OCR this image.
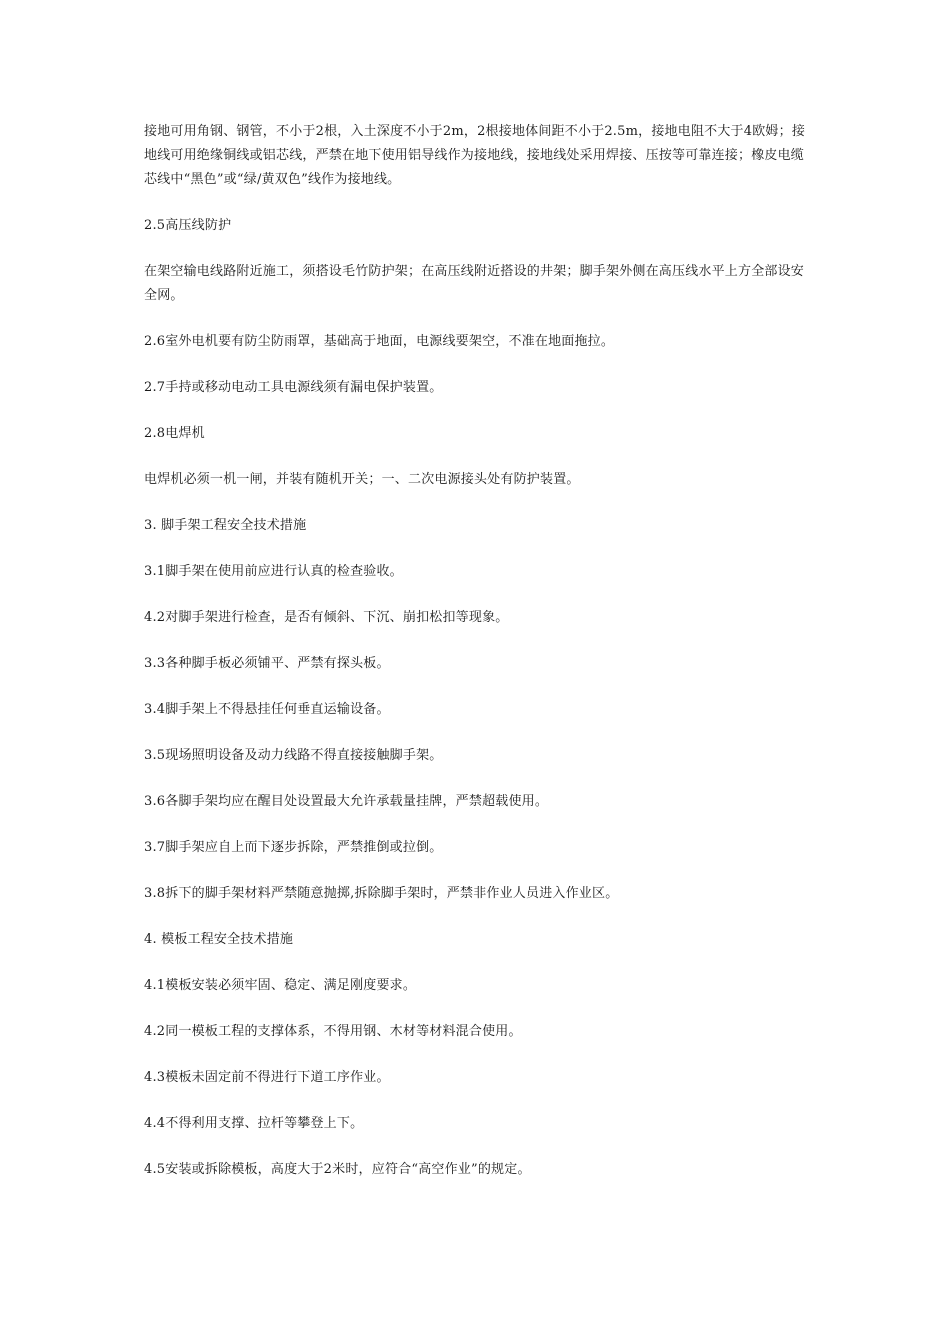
接地可用角钢、钢管，不小于2根，入土深度不小于2m，2根接地体间距不小于2.5m，接地电阻不大于4欧姆；接地线可用绝缘铜线或铝芯线，严禁在地下使用铝导线作为接地线，接地线处采用焊接、压按等可靠连接；橡皮电缆芯线中“黑色”或“绿/黄双色”线作为接地线。

2.5高压线防护

在架空输电线路附近施工，须搭设毛竹防护架；在高压线附近搭设的井架；脚手架外侧在高压线水平上方全部设安全网。

2.6室外电机要有防尘防雨罩，基础高于地面，电源线要架空，不准在地面拖拉。

2.7手持或移动电动工具电源线须有漏电保护装置。

2.8电焊机

电焊机必须一机一闸，并装有随机开关；一、二次电源接头处有防护装置。

3. 脚手架工程安全技术措施

3.1脚手架在使用前应进行认真的检查验收。

4.2对脚手架进行检查，是否有倾斜、下沉、崩扣松扣等现象。

3.3各种脚手板必须铺平、严禁有探头板。

3.4脚手架上不得悬挂任何垂直运输设备。

3.5现场照明设备及动力线路不得直接接触脚手架。

3.6各脚手架均应在醒目处设置最大允许承载量挂牌，严禁超载使用。

3.7脚手架应自上而下逐步拆除，严禁推倒或拉倒。

3.8拆下的脚手架材料严禁随意抛掷,拆除脚手架时，严禁非作业人员进入作业区。

4. 模板工程安全技术措施

4.1模板安装必须牢固、稳定、满足刚度要求。

4.2同一模板工程的支撑体系，不得用钢、木材等材料混合使用。

4.3模板未固定前不得进行下道工序作业。

4.4不得利用支撑、拉杆等攀登上下。

4.5安装或拆除模板，高度大于2米时，应符合“高空作业”的规定。
